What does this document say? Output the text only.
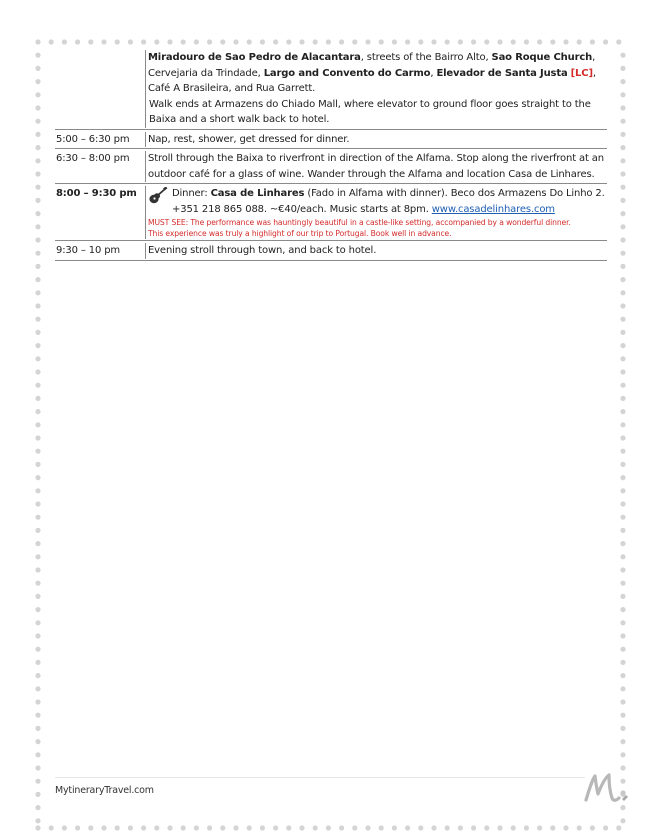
Miradouro de Sao Pedro de Alacantara, streets of the Bairro Alto, Sao Roque Church, Cervejaria da Trindade, Largo and Convento do Carmo, Elevador de Santa Justa [LC], Café A Brasileira, and Rua Garrett.
Walk ends at Armazens do Chiado Mall, where elevator to ground floor goes straight to the Baixa and a short walk back to hotel.
5:00 – 6:30 pm	Nap, rest, shower, get dressed for dinner.
6:30 – 8:00 pm	Stroll through the Baixa to riverfront in direction of the Alfama. Stop along the riverfront at an outdoor café for a glass of wine. Wander through the Alfama and location Casa de Linhares.
8:00 – 9:30 pm	Dinner: Casa de Linhares (Fado in Alfama with dinner). Beco dos Armazens Do Linho 2. +351 218 865 088. ~€40/each. Music starts at 8pm. www.casadelinhares.com
MUST SEE: The performance was hauntingly beautiful in a castle-like setting, accompanied by a wonderful dinner.
This experience was truly a highlight of our trip to Portugal. Book well in advance.
9:30 – 10 pm	Evening stroll through town, and back to hotel.
MytineraryTravel.com
